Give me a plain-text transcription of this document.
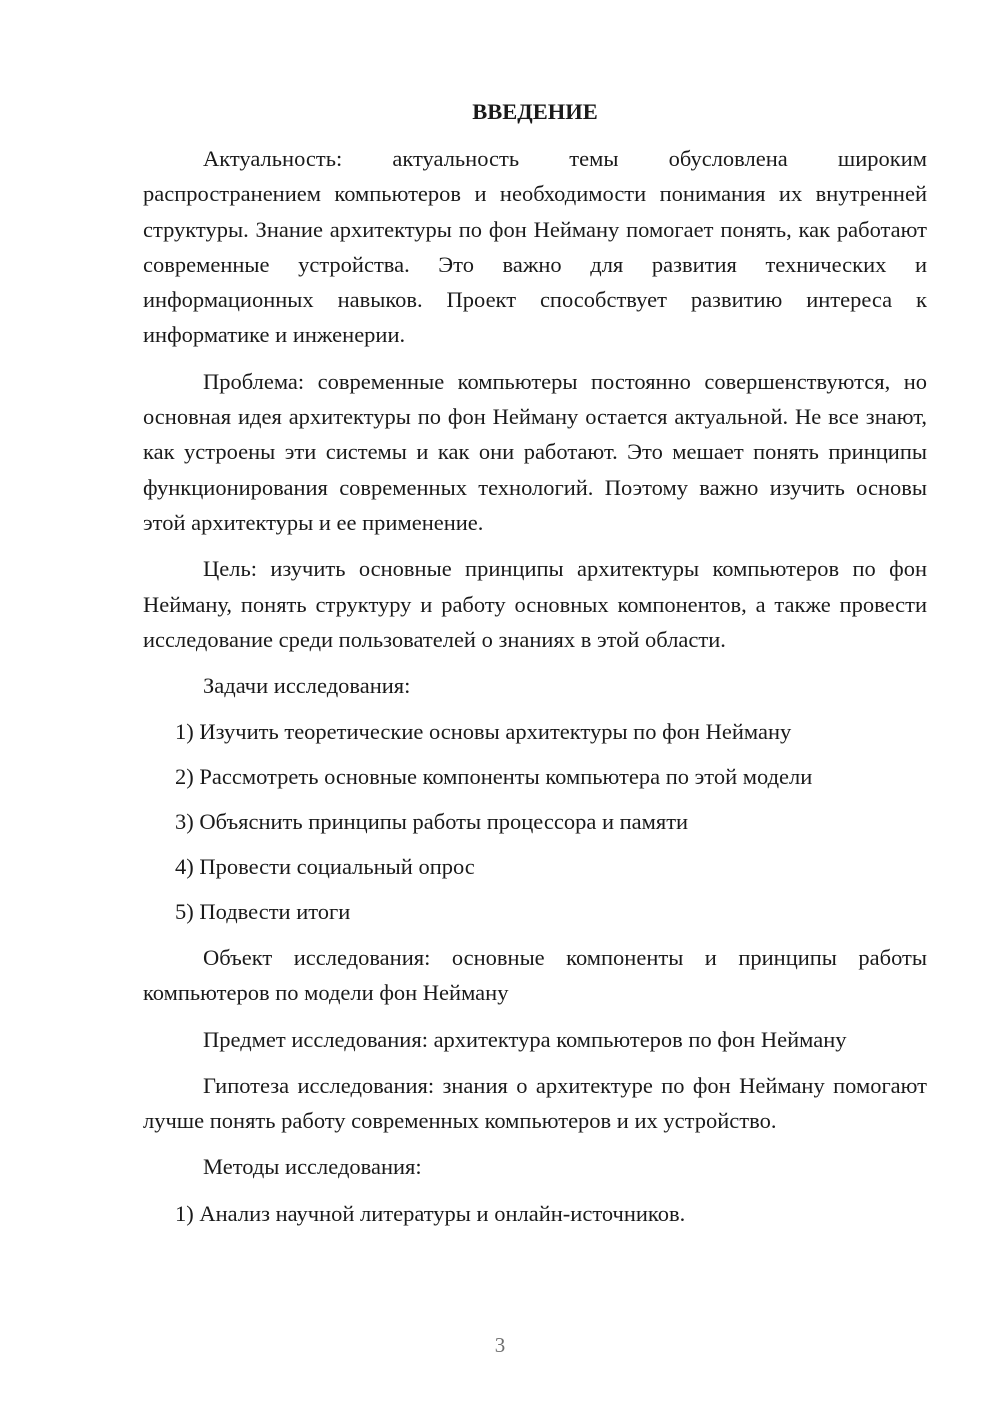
ВВЕДЕНИЕ

Актуальность: актуальность темы обусловлена широким распространением компьютеров и необходимости понимания их внутренней структуры. Знание архитектуры по фон Нейману помогает понять, как работают современные устройства. Это важно для развития технических и информационных навыков. Проект способствует развитию интереса к информатике и инженерии.

Проблема: современные компьютеры постоянно совершенствуются, но основная идея архитектуры по фон Нейману остается актуальной. Не все знают, как устроены эти системы и как они работают. Это мешает понять принципы функционирования современных технологий. Поэтому важно изучить основы этой архитектуры и ее применение.

Цель: изучить основные принципы архитектуры компьютеров по фон Нейману, понять структуру и работу основных компонентов, а также провести исследование среди пользователей о знаниях в этой области.

Задачи исследования:

1) Изучить теоретические основы архитектуры по фон Нейману
2) Рассмотреть основные компоненты компьютера по этой модели
3) Объяснить принципы работы процессора и памяти
4) Провести социальный опрос
5) Подвести итоги

Объект исследования: основные компоненты и принципы работы компьютеров по модели фон Нейману

Предмет исследования: архитектура компьютеров по фон Нейману

Гипотеза исследования: знания о архитектуре по фон Нейману помогают лучше понять работу современных компьютеров и их устройство.

Методы исследования:

1) Анализ научной литературы и онлайн-источников.
3
